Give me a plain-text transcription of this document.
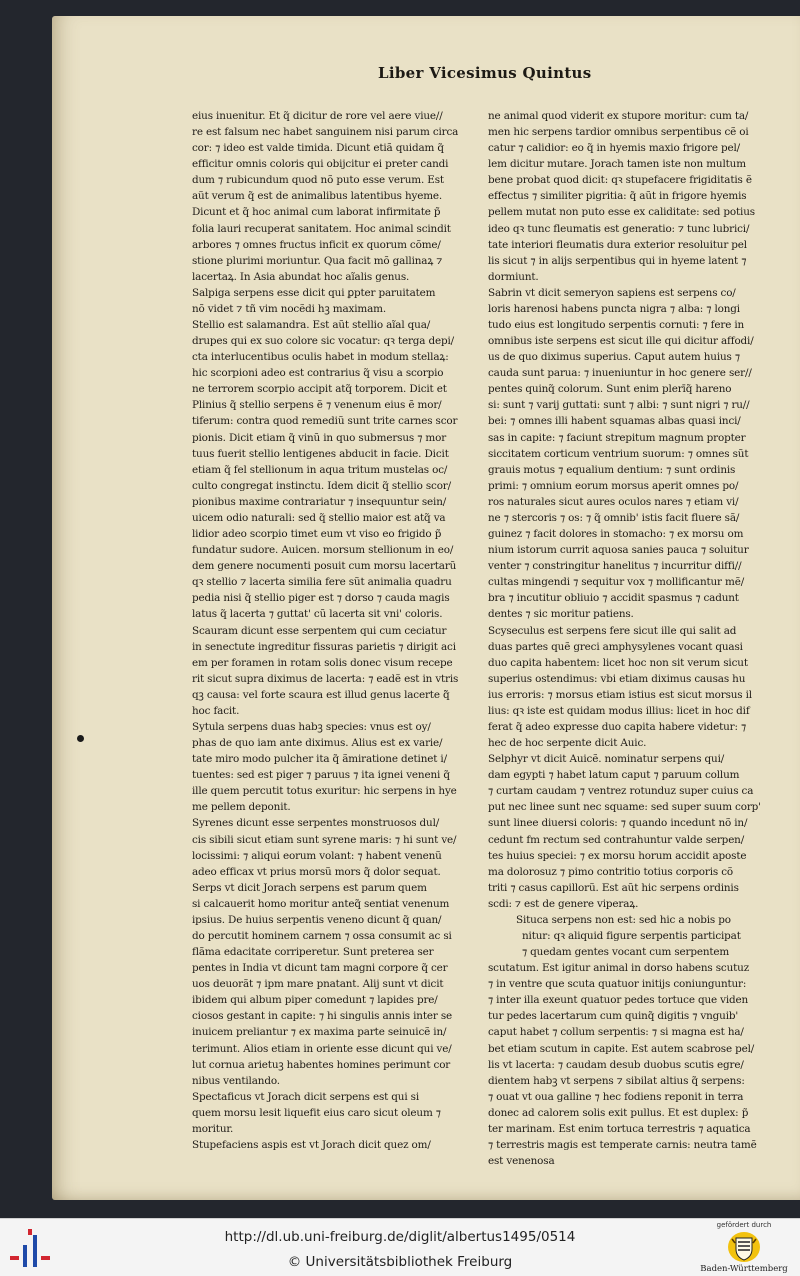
Liber Vicesimus Quintus
eius inuenitur. Et q̃ dicitur de rore vel aere viue//
re est falsum nec habet sanguinem nisi parum circa
cor: ⁊ ideo est valde timida. Dicunt etiã quidam q̃
efficitur omnis coloris qui obijcitur ei preter candi
dum ⁊ rubicundum quod nõ puto esse verum. Est
aũt verum q̃ est de animalibus latentibus hyeme.
Dicunt et q̃ hoc animal cum laborat infirmitate p̃
folia lauri recuperat sanitatem. Hoc animal scindit
arbores ⁊ omnes fructus inficit ex quorum cõme/
stione plurimi moriuntur. Qua facit mõ gallinaꝝ ⁊
lacertaꝝ. In Asia abundat hoc aĩalis genus.
Salpiga serpens esse dicit qui ꝑpter paruitatem
nõ videt ⁊ tñ vim nocẽdi hꝫ maximam.
Stellio est salamandra. Est aũt stellio aĩal qua/
drupes qui ex suo colore sic vocatur: qꝛ terga depi/
cta interlucentibus oculis habet in modum stellaꝝ:
hic scorpioni adeo est contrarius q̃ visu a scorpio
ne terrorem scorpio accipit atq̃ torporem. Dicit et
Plinius q̃ stellio serpens ẽ ⁊ venenum eius ẽ mor/
tiferum: contra quod remediũ sunt trite carnes scor
pionis. Dicit etiam q̃ vinũ in quo submersus ⁊ mor
tuus fuerit stellio lentigenes abducit in facie. Dicit
etiam q̃ fel stellionum in aqua tritum mustelas oc/
culto congregat instinctu. Idem dicit q̃ stellio scor/
pionibus maxime contrariatur ⁊ insequuntur sein/
uicem odio naturali: sed q̃ stellio maior est atq̃ va
lidior adeo scorpio timet eum vt viso eo frigido p̃
fundatur sudore. Auicen. morsum stellionum in eo/
dem genere nocumenti posuit cum morsu lacertarũ
qꝛ stellio ⁊ lacerta similia fere sũt animalia quadru
pedia nisi q̃ stellio piger est ⁊ dorso ⁊ cauda magis
latus q̃ lacerta ⁊ guttat' cũ lacerta sit vni' coloris.
Scauram dicunt esse serpentem qui cum ceciatur
in senectute ingreditur fissuras parietis ⁊ dirigit aci
em per foramen in rotam solis donec visum recepe
rit sicut supra diximus de lacerta: ⁊ eadẽ est in vtris
qꝫ causa: vel forte scaura est illud genus lacerte q̃̃
hoc facit.
Sytula serpens duas habꝫ species: vnus est oy/
phas de quo iam ante diximus. Alius est ex varie/
tate miro modo pulcher ita q̃ ãmiratione detinet i/
tuentes: sed est piger ⁊ paruus ⁊ ita ignei veneni q̃
ille quem percutit totus exuritur: hic serpens in hye
me pellem deponit.
Syrenes dicunt esse serpentes monstruosos dul/
cis sibili sicut etiam sunt syrene maris: ⁊ hi sunt ve/
locissimi: ⁊ aliqui eorum volant: ⁊ habent venenũ
adeo efficax vt prius morsũ mors q̃ dolor sequat.
Serps vt dicit Jorach serpens est parum quem
si calcauerit homo moritur anteq̃ sentiat venenum
ipsius. De huius serpentis veneno dicunt q̃ quan/
do percutit hominem carnem ⁊ ossa consumit ac si
flãma edacitate corriperetur. Sunt preterea ser
pentes in India vt dicunt tam magni corpore q̃ cer
uos deuorãt ⁊ ipm mare pnatant. Alij sunt vt dicit
ibidem qui album piper comedunt ⁊ lapides pre/
ciosos gestant in capite: ⁊ hi singulis annis inter se
inuicem preliantur ⁊ ex maxima parte seinuicẽ in/
terimunt. Alios etiam in oriente esse dicunt qui ve/
lut cornua arietuꝫ habentes homines perimunt cor
nibus ventilando.
Spectaficus vt Jorach dicit serpens est qui si
quem morsu lesit liquefit eius caro sicut oleum ⁊
moritur.
Stupefaciens aspis est vt Jorach dicit quez om/
ne animal quod viderit ex stupore moritur: cum ta/
men hic serpens tardior omnibus serpentibus cẽ oi
catur ⁊ calidior: eo q̃ in hyemis maxio frigore pel/
lem dicitur mutare. Jorach tamen iste non multum
bene probat quod dicit: qꝛ stupefacere frigiditatis ẽ
effectus ⁊ similiter pigritia: q̃ aũt in frigore hyemis
pellem mutat non puto esse ex caliditate: sed potius
ideo qꝛ tunc fleumatis est generatio: ⁊ tunc lubrici/
tate interiori fleumatis dura exterior resoluitur pel
lis sicut ⁊ in alijs serpentibus qui in hyeme latent ⁊
dormiunt.
Sabrin vt dicit semeryon sapiens est serpens co/
loris harenosi habens puncta nigra ⁊ alba: ⁊ longi
tudo eius est longitudo serpentis cornuti: ⁊ fere in
omnibus iste serpens est sicut ille qui dicitur affodi/
us de quo diximus superius. Caput autem huius ⁊
cauda sunt parua: ⁊ inueniuntur in hoc genere ser//
pentes quinq̃ colorum. Sunt enim plerīq̃ hareno
si: sunt ⁊ varij guttati: sunt ⁊ albi: ⁊ sunt nigri ⁊ ru//
bei: ⁊ omnes illi habent squamas albas quasi inci/
sas in capite: ⁊ faciunt strepitum magnum propter
siccitatem corticum ventrium suorum: ⁊ omnes sũt
grauis motus ⁊ equalium dentium: ⁊ sunt ordinis
primi: ⁊ omnium eorum morsus aperit omnes po/
ros naturales sicut aures oculos nares ⁊ etiam vi/
ne ⁊ stercoris ⁊ os: ⁊ q̃ omnib' istis facit fluere sã/
guinez ⁊ facit dolores in stomacho: ⁊ ex morsu om
nium istorum currit aquosa sanies pauca ⁊ soluitur
venter ⁊ constringitur hanelitus ⁊ incurritur diffi//
cultas mingendi ⁊ sequitur vox ⁊ mollificantur mẽ/
bra ⁊ incutitur obliuio ⁊ accidit spasmus ⁊ cadunt
dentes ⁊ sic moritur patiens.
Scyseculus est serpens fere sicut ille qui salit ad
duas partes quẽ greci amphysylenes vocant quasi
duo capita habentem: licet hoc non sit verum sicut
superius ostendimus: vbi etiam diximus causas hu
ius erroris: ⁊ morsus etiam istius est sicut morsus il
lius: qꝛ iste est quidam modus illius: licet in hoc dif
ferat q̃ adeo expresse duo capita habere videtur: ⁊
hec de hoc serpente dicit Auic.
Selphyr vt dicit Auicẽ. nominatur serpens qui/
dam egypti ⁊ habet latum caput ⁊ paruum collum
⁊ curtam caudam ⁊ ventrez rotunduz super cuius ca
put nec linee sunt nec squame: sed super suum corp'
sunt linee diuersi coloris: ⁊ quando incedunt nõ in/
cedunt fm rectum sed contrahuntur valde serpen/
tes huius speciei: ⁊ ex morsu horum accidit aposte
ma dolorosuz ⁊ pimo contritio totius corporis cõ
triti ⁊ casus capillorũ. Est aũt hic serpens ordinis
scdi: ⁊ est de genere viperaꝝ.
Situca serpens non est: sed hic a nobis po
nitur: qꝛ aliquid figure serpentis participat
⁊ quedam gentes vocant cum serpentem
scutatum. Est igitur animal in dorso habens scutuz
⁊ in ventre que scuta quatuor initijs coniunguntur:
⁊ inter illa exeunt quatuor pedes tortuce que viden
tur pedes lacertarum cum quinq̃ digitis ⁊ vnguib'
caput habet ⁊ collum serpentis: ⁊ si magna est ha/
bet etiam scutum in capite. Est autem scabrose pel/
lis vt lacerta: ⁊ caudam desub duobus scutis egre/
dientem habꝫ vt serpens ⁊ sibilat altius q̃ serpens:
⁊ ouat vt oua galline ⁊ hec fodiens reponit in terra
donec ad calorem solis exit pullus. Et est duplex: p̃
ter marinam. Est enim tortuca terrestris ⁊ aquatica
⁊ terrestris magis est temperate carnis: neutra tamẽ
est venenosa
http://dl.ub.uni-freiburg.de/diglit/albertus1495/0514
© Universitätsbibliothek Freiburg
gefördert durch
Baden-Württemberg
